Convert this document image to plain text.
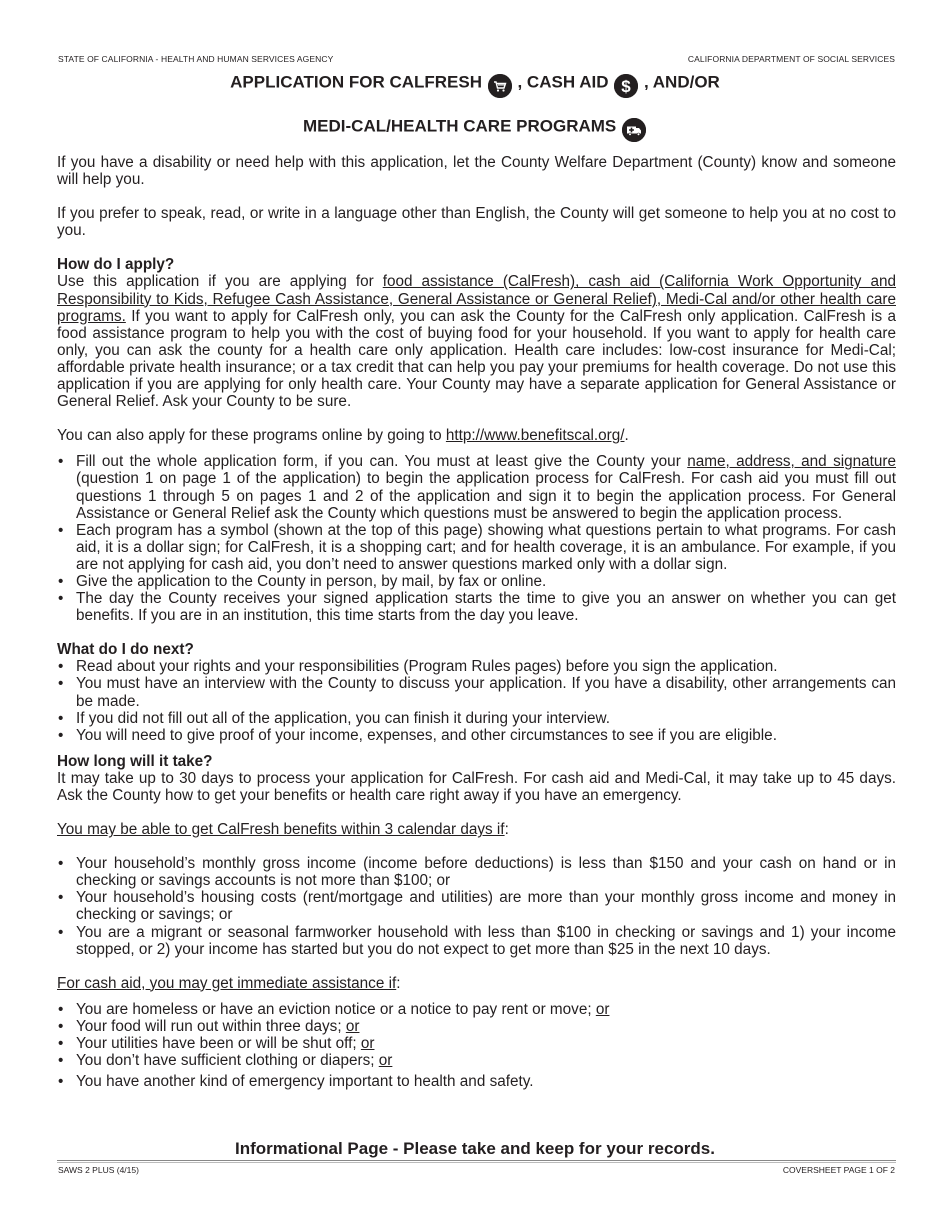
STATE OF CALIFORNIA - HEALTH AND HUMAN SERVICES AGENCY	CALIFORNIA DEPARTMENT OF SOCIAL SERVICES
APPLICATION FOR CALFRESH , CASH AID $ , AND/OR
MEDI-CAL/HEALTH CARE PROGRAMS

If you have a disability or need help with this application, let the County Welfare Department (County) know and someone will help you.

If you prefer to speak, read, or write in a language other than English, the County will get someone to help you at no cost to you.

How do I apply?

Use this application if you are applying for food assistance (CalFresh), cash aid (California Work Opportunity and Responsibility to Kids, Refugee Cash Assistance, General Assistance or General Relief), Medi-Cal and/or other health care programs. If you want to apply for CalFresh only, you can ask the County for the CalFresh only application. CalFresh is a food assistance program to help you with the cost of buying food for your household. If you want to apply for health care only, you can ask the county for a health care only application. Health care includes: low-cost insurance for Medi-Cal; affordable private health insurance; or a tax credit that can help you pay your premiums for health coverage. Do not use this application if you are applying for only health care. Your County may have a separate application for General Assistance or General Relief. Ask your County to be sure.

You can also apply for these programs online by going to http://www.benefitscal.org/.

• Fill out the whole application form, if you can. You must at least give the County your name, address, and signature (question 1 on page 1 of the application) to begin the application process for CalFresh. For cash aid you must fill out questions 1 through 5 on pages 1 and 2 of the application and sign it to begin the application process. For General Assistance or General Relief ask the County which questions must be answered to begin the application process.
• Each program has a symbol (shown at the top of this page) showing what questions pertain to what programs. For cash aid, it is a dollar sign; for CalFresh, it is a shopping cart; and for health coverage, it is an ambulance. For example, if you are not applying for cash aid, you don’t need to answer questions marked only with a dollar sign.
• Give the application to the County in person, by mail, by fax or online.
• The day the County receives your signed application starts the time to give you an answer on whether you can get benefits. If you are in an institution, this time starts from the day you leave.
What do I do next?
• Read about your rights and your responsibilities (Program Rules pages) before you sign the application.
• You must have an interview with the County to discuss your application. If you have a disability, other arrangements can be made.
• If you did not fill out all of the application, you can finish it during your interview.
• You will need to give proof of your income, expenses, and other circumstances to see if you are eligible.
How long will it take?

It may take up to 30 days to process your application for CalFresh. For cash aid and Medi-Cal, it may take up to 45 days. Ask the County how to get your benefits or health care right away if you have an emergency.

You may be able to get CalFresh benefits within 3 calendar days if:

• Your household’s monthly gross income (income before deductions) is less than $150 and your cash on hand or in checking or savings accounts is not more than $100; or
• Your household’s housing costs (rent/mortgage and utilities) are more than your monthly gross income and money in checking or savings; or
• You are a migrant or seasonal farmworker household with less than $100 in checking or savings and 1) your income stopped, or 2) your income has started but you do not expect to get more than $25 in the next 10 days.

For cash aid, you may get immediate assistance if:

• You are homeless or have an eviction notice or a notice to pay rent or move; or
• Your food will run out within three days; or
• Your utilities have been or will be shut off; or
• You don’t have sufficient clothing or diapers; or
• You have another kind of emergency important to health and safety.
Informational Page - Please take and keep for your records.
SAWS 2 PLUS (4/15)	COVERSHEET PAGE 1 OF 2
